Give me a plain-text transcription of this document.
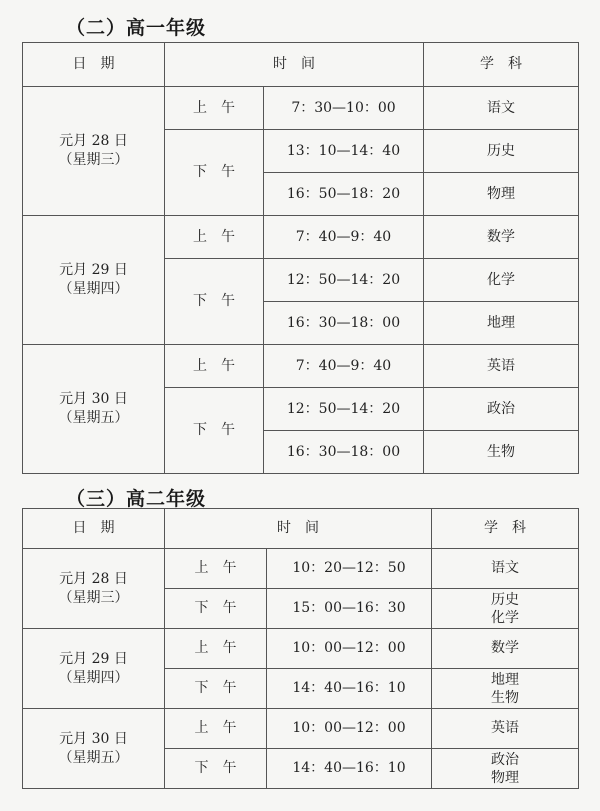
（二）高一年级
日　期	时　间		学　科

元月 28 日
（星期三）	上　午	7：30—10：00	语文
	下　午	13：10—14：40	历史
		16：50—18：20	物理

元月 29 日
（星期四）	上　午	7：40—9：40	数学
	下　午	12：50—14：20	化学
		16：30—18：00	地理

元月 30 日
（星期五）	上　午	7：40—9：40	英语
	下　午	12：50—14：20	政治
		16：30—18：00	生物
（三）高二年级
日　期	时　间		学　科

元月 28 日
（星期三）	上　午	10：20—12：50	语文
	下　午	15：00—16：30	历史
化学

元月 29 日
（星期四）	上　午	10：00—12：00	数学
	下　午	14：40—16：10	地理
生物

元月 30 日
（星期五）	上　午	10：00—12：00	英语
	下　午	14：40—16：10	政治
物理
